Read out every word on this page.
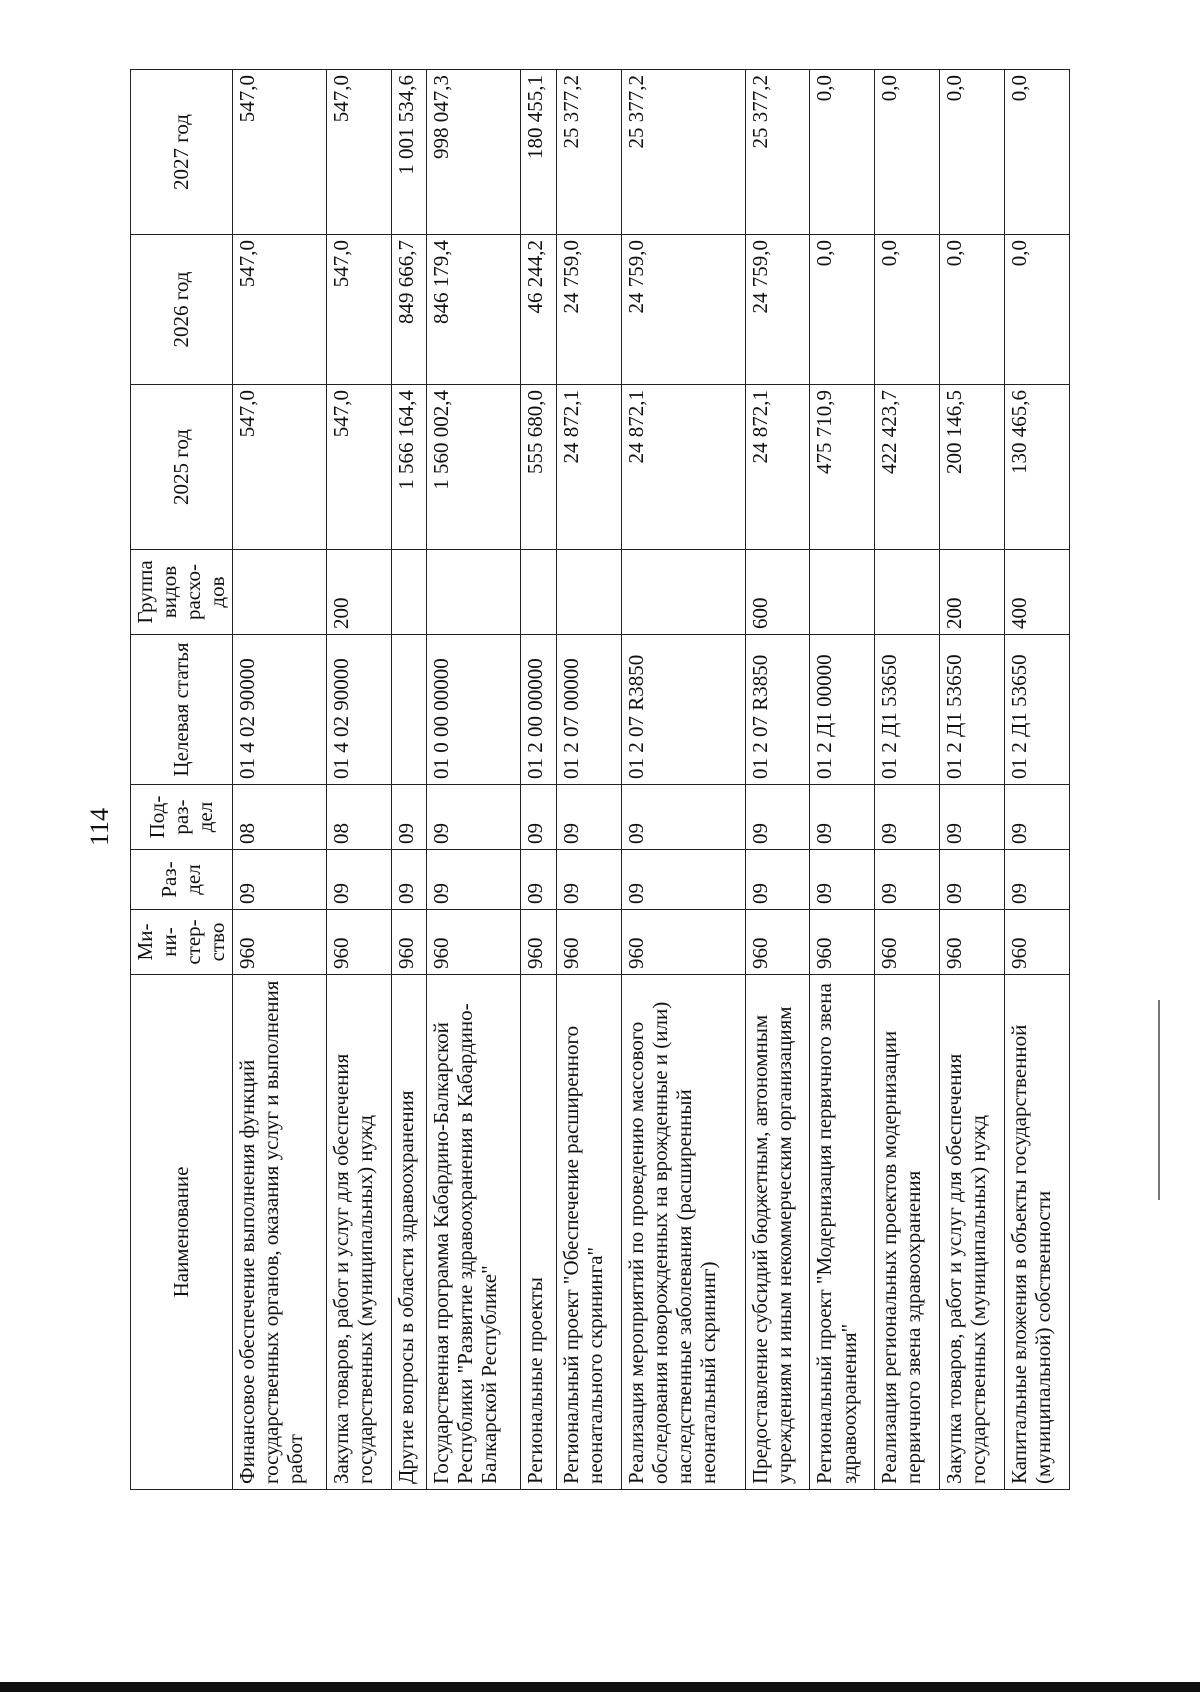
114
Наименование	Ми-ни-стер-ство	Раз-дел	Под-раз-дел	Целевая статья	Группа видов расхо-дов	2025 год	2026 год	2027 год
Финансовое обеспечение выполнения функций государственных органов, оказания услуг и выполнения работ	960	09	08	01 4 02 90000		547,0	547,0	547,0
Закупка товаров, работ и услуг для обеспечения государственных (муниципальных) нужд	960	09	08	01 4 02 90000	200	547,0	547,0	547,0
Другие вопросы в области здравоохранения	960	09	09			1 566 164,4	849 666,7	1 001 534,6
Государственная программа Кабардино-Балкарской Республики "Развитие здравоохранения в Кабардино-Балкарской Республике"	960	09	09	01 0 00 00000		1 560 002,4	846 179,4	998 047,3
Региональные проекты	960	09	09	01 2 00 00000		555 680,0	46 244,2	180 455,1
Региональный проект "Обеспечение расширенного неонатального скрининга"	960	09	09	01 2 07 00000		24 872,1	24 759,0	25 377,2
Реализация мероприятий по проведению массового обследования новорожденных на врожденные и (или) наследственные заболевания (расширенный неонатальный скрининг)	960	09	09	01 2 07 R3850		24 872,1	24 759,0	25 377,2
Предоставление субсидий бюджетным, автономным учреждениям и иным некоммерческим организациям	960	09	09	01 2 07 R3850	600	24 872,1	24 759,0	25 377,2
Региональный проект "Модернизация первичного звена здравоохранения"	960	09	09	01 2 Д1 00000		475 710,9	0,0	0,0
Реализация региональных проектов модернизации первичного звена здравоохранения	960	09	09	01 2 Д1 53650		422 423,7	0,0	0,0
Закупка товаров, работ и услуг для обеспечения государственных (муниципальных) нужд	960	09	09	01 2 Д1 53650	200	200 146,5	0,0	0,0
Капитальные вложения в объекты государственной (муниципальной) собственности	960	09	09	01 2 Д1 53650	400	130 465,6	0,0	0,0
